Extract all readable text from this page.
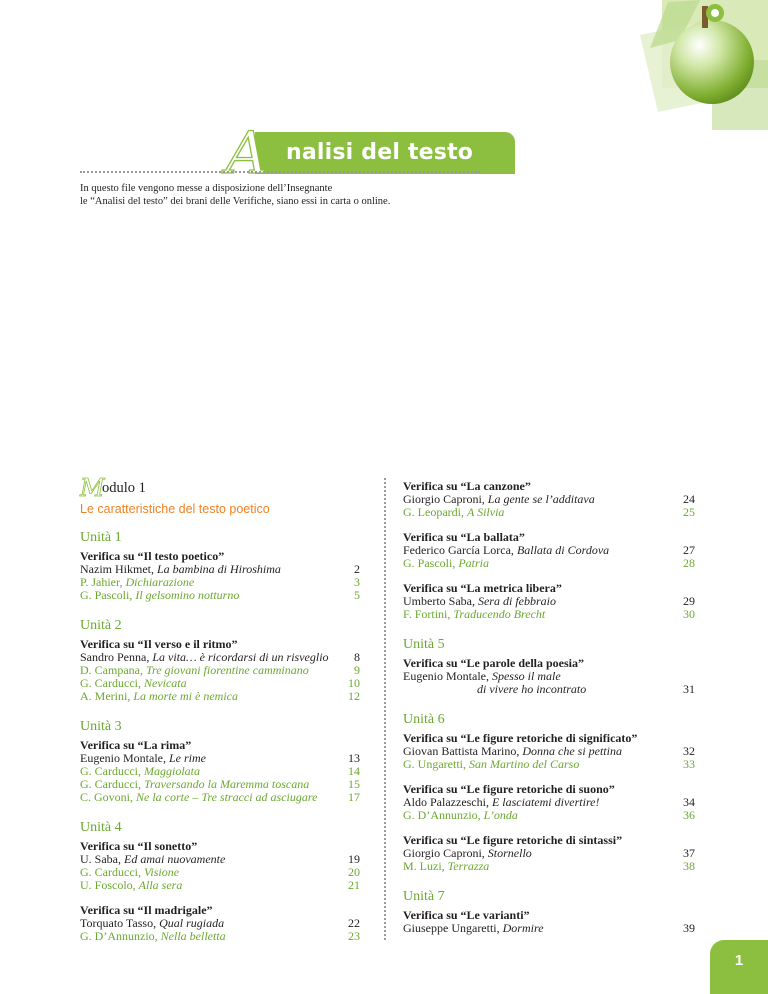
A nalisi del testo
In questo file vengono messe a disposizione dell’Insegnante
le “Analisi del testo” dei brani delle Verifiche, siano essi in carta o online.
M
odulo 1
Le caratteristiche del testo poetico
Unità 1
Verifica su “Il testo poetico”
Nazim Hikmet, La bambina di Hiroshima	2
P. Jahier, Dichiarazione	3
G. Pascoli, Il gelsomino notturno	5
Unità 2
Verifica su “Il verso e il ritmo”
Sandro Penna, La vita… è ricordarsi di un risveglio 8
D. Campana, Tre giovani fiorentine camminano	9
G. Carducci, Nevicata	10
A. Merini, La morte mi è nemica	12
Unità 3
Verifica su “La rima”
Eugenio Montale, Le rime	13
G. Carducci, Maggiolata	14
G. Carducci, Traversando la Maremma toscana	15
C. Govoni, Ne la corte – Tre stracci ad asciugare	17
Unità 4
Verifica su “Il sonetto”
U. Saba, Ed amai nuovamente	19
G. Carducci, Visione	20
U. Foscolo, Alla sera	21
Verifica su “Il madrigale”
Torquato Tasso, Qual rugiada	22
G. D’Annunzio, Nella belletta	23
Verifica su “La canzone”
Giorgio Caproni, La gente se l’additava	24
G. Leopardi, A Silvia	25
Verifica su “La ballata”
Federico García Lorca, Ballata di Cordova	27
G. Pascoli, Patria	28
Verifica su “La metrica libera”
Umberto Saba, Sera di febbraio	29
F. Fortini, Traducendo Brecht	30
Unità 5
Verifica su “Le parole della poesia”
Eugenio Montale, Spesso il male
di vivere ho incontrato	31
Unità 6
Verifica su “Le figure retoriche di significato”
Giovan Battista Marino, Donna che si pettina	32
G. Ungaretti, San Martino del Carso	33
Verifica su “Le figure retoriche di suono”
Aldo Palazzeschi, E lasciatemi divertire!	34
G. D’Annunzio, L’onda	36
Verifica su “Le figure retoriche di sintassi”
Giorgio Caproni, Stornello	37
M. Luzi, Terrazza	38
Unità 7
Verifica su “Le varianti”
Giuseppe Ungaretti, Dormire	39
1
